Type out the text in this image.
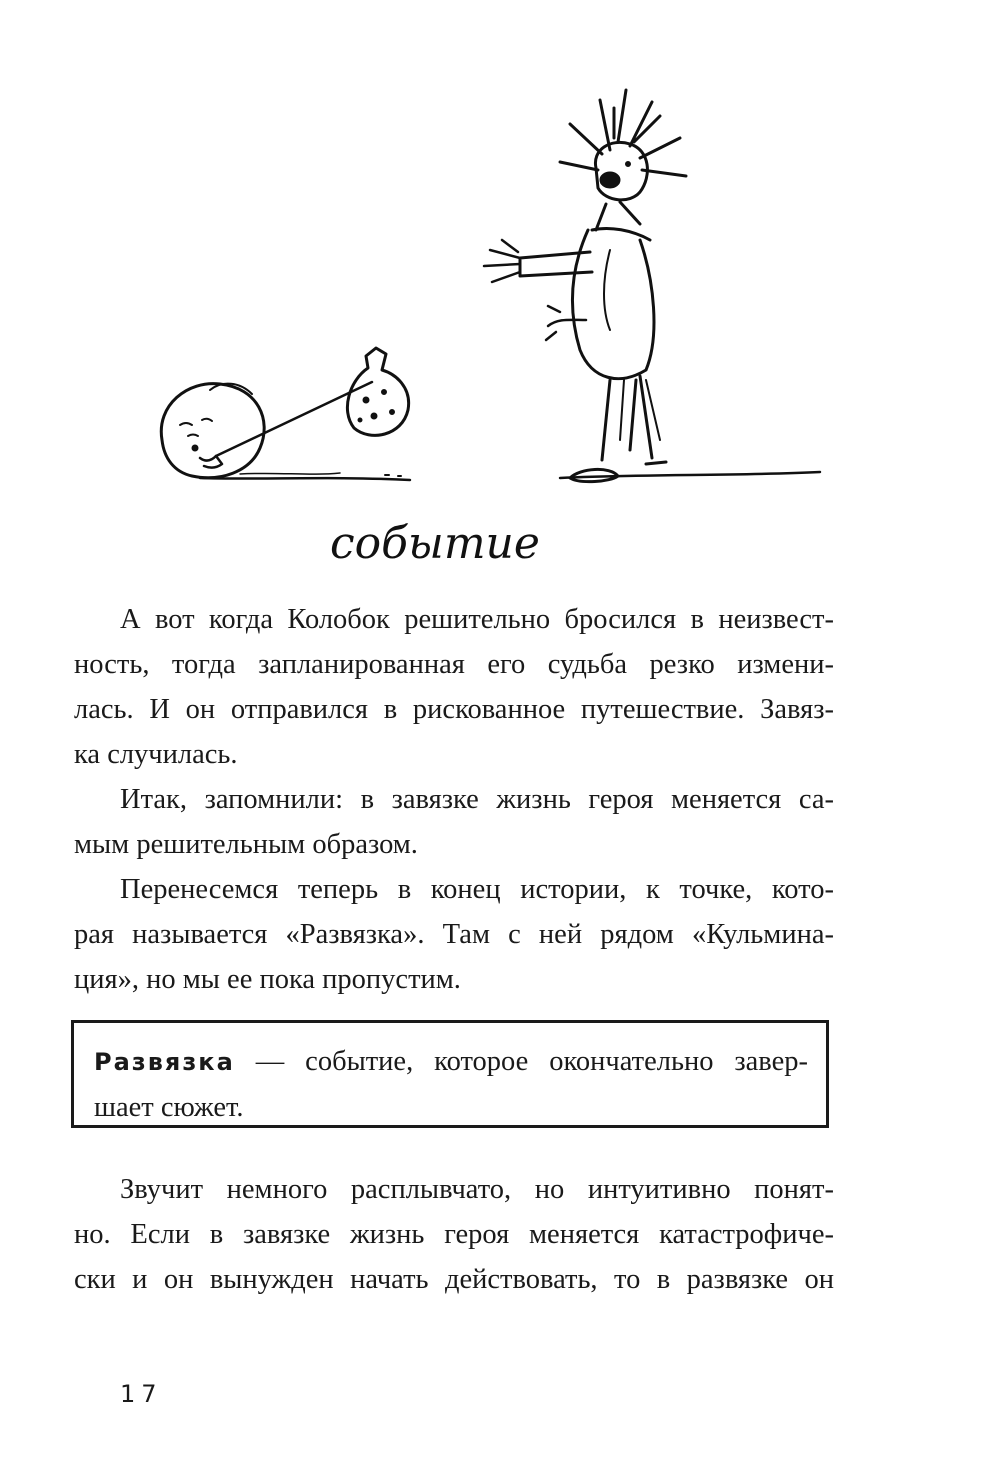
событие

А вот когда Колобок решительно бросился в неизвест-
ность, тогда запланированная его судьба резко измени-
лась. И он отправился в рискованное путешествие. Завяз-
ка случилась.

Итак, запомнили: в завязке жизнь героя меняется са-
мым решительным образом.

Перенесемся теперь в конец истории, к точке, кото-
рая называется «Развязка». Там с ней рядом «Кульмина-
ция», но мы ее пока пропустим.

Развязка — событие, которое окончательно завер-
шает сюжет.

Звучит немного расплывчато, но интуитивно понят-
но. Если в завязке жизнь героя меняется катастрофиче-
ски и он вынужден начать действовать, то в развязке он

17
